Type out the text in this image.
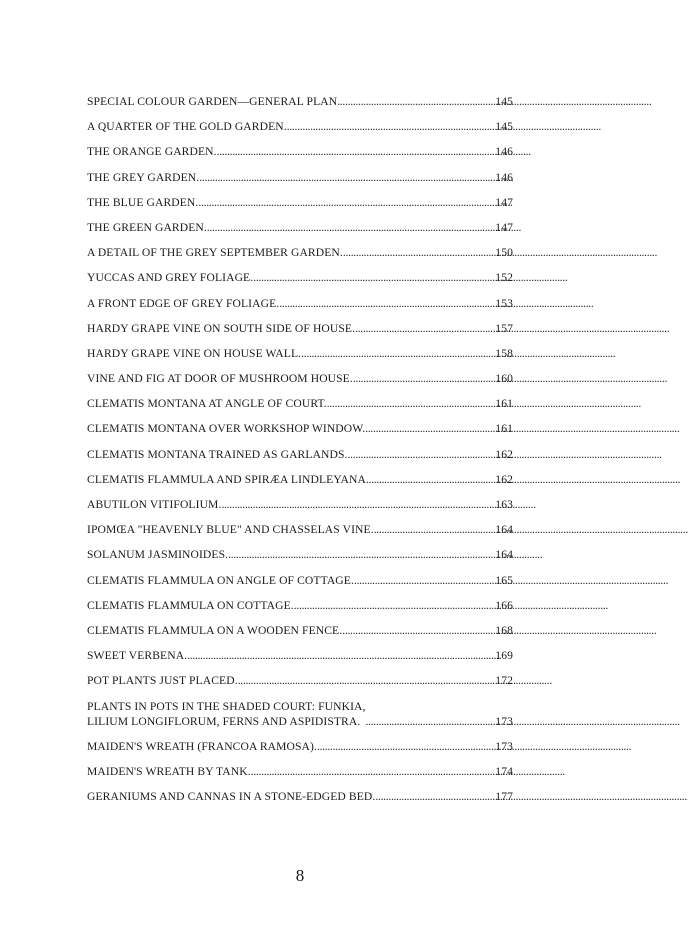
SPECIAL COLOUR GARDEN—GENERAL PLAN . . .	145
A QUARTER OF THE GOLD GARDEN. . . .	145
THE ORANGE GARDEN. . . .	146
THE GREY GARDEN. . . .	146
THE BLUE GARDEN. . . .	147
THE GREEN GARDEN. . . .	147
A DETAIL OF THE GREY SEPTEMBER GARDEN. . . .	150
YUCCAS AND GREY FOLIAGE. . . .	152
A FRONT EDGE OF GREY FOLIAGE. . . .	153
HARDY GRAPE VINE ON SOUTH SIDE OF HOUSE. . . .	157
HARDY GRAPE VINE ON HOUSE WALL. . . .	158
VINE AND FIG AT DOOR OF MUSHROOM HOUSE. . . .	160
CLEMATIS MONTANA AT ANGLE OF COURT. . . .	161
CLEMATIS MONTANA OVER WORKSHOP WINDOW. . . .	161
CLEMATIS MONTANA TRAINED AS GARLANDS. . . .	162
CLEMATIS FLAMMULA AND SPIRÆA LINDLEYANA . . .	162
ABUTILON VITIFOLIUM. . . .	163
IPOMŒA "HEAVENLY BLUE" AND CHASSELAS VINE. . . .	164
SOLANUM JASMINOIDES. . . .	164
CLEMATIS FLAMMULA ON ANGLE OF COTTAGE. . . .	165
CLEMATIS FLAMMULA ON COTTAGE. . . .	166
CLEMATIS FLAMMULA ON A WOODEN FENCE. . . .	168
SWEET VERBENA. . . .	169
POT PLANTS JUST PLACED. . . .	172
PLANTS IN POTS IN THE SHADED COURT: FUNKIA,
LILIUM LONGIFLORUM, FERNS AND ASPIDISTRA. . . .	173
MAIDEN'S WREATH (FRANCOA RAMOSA). . . .	173
MAIDEN'S WREATH BY TANK. . . .	174
GERANIUMS AND CANNAS IN A STONE-EDGED BED. . . .	177
8
